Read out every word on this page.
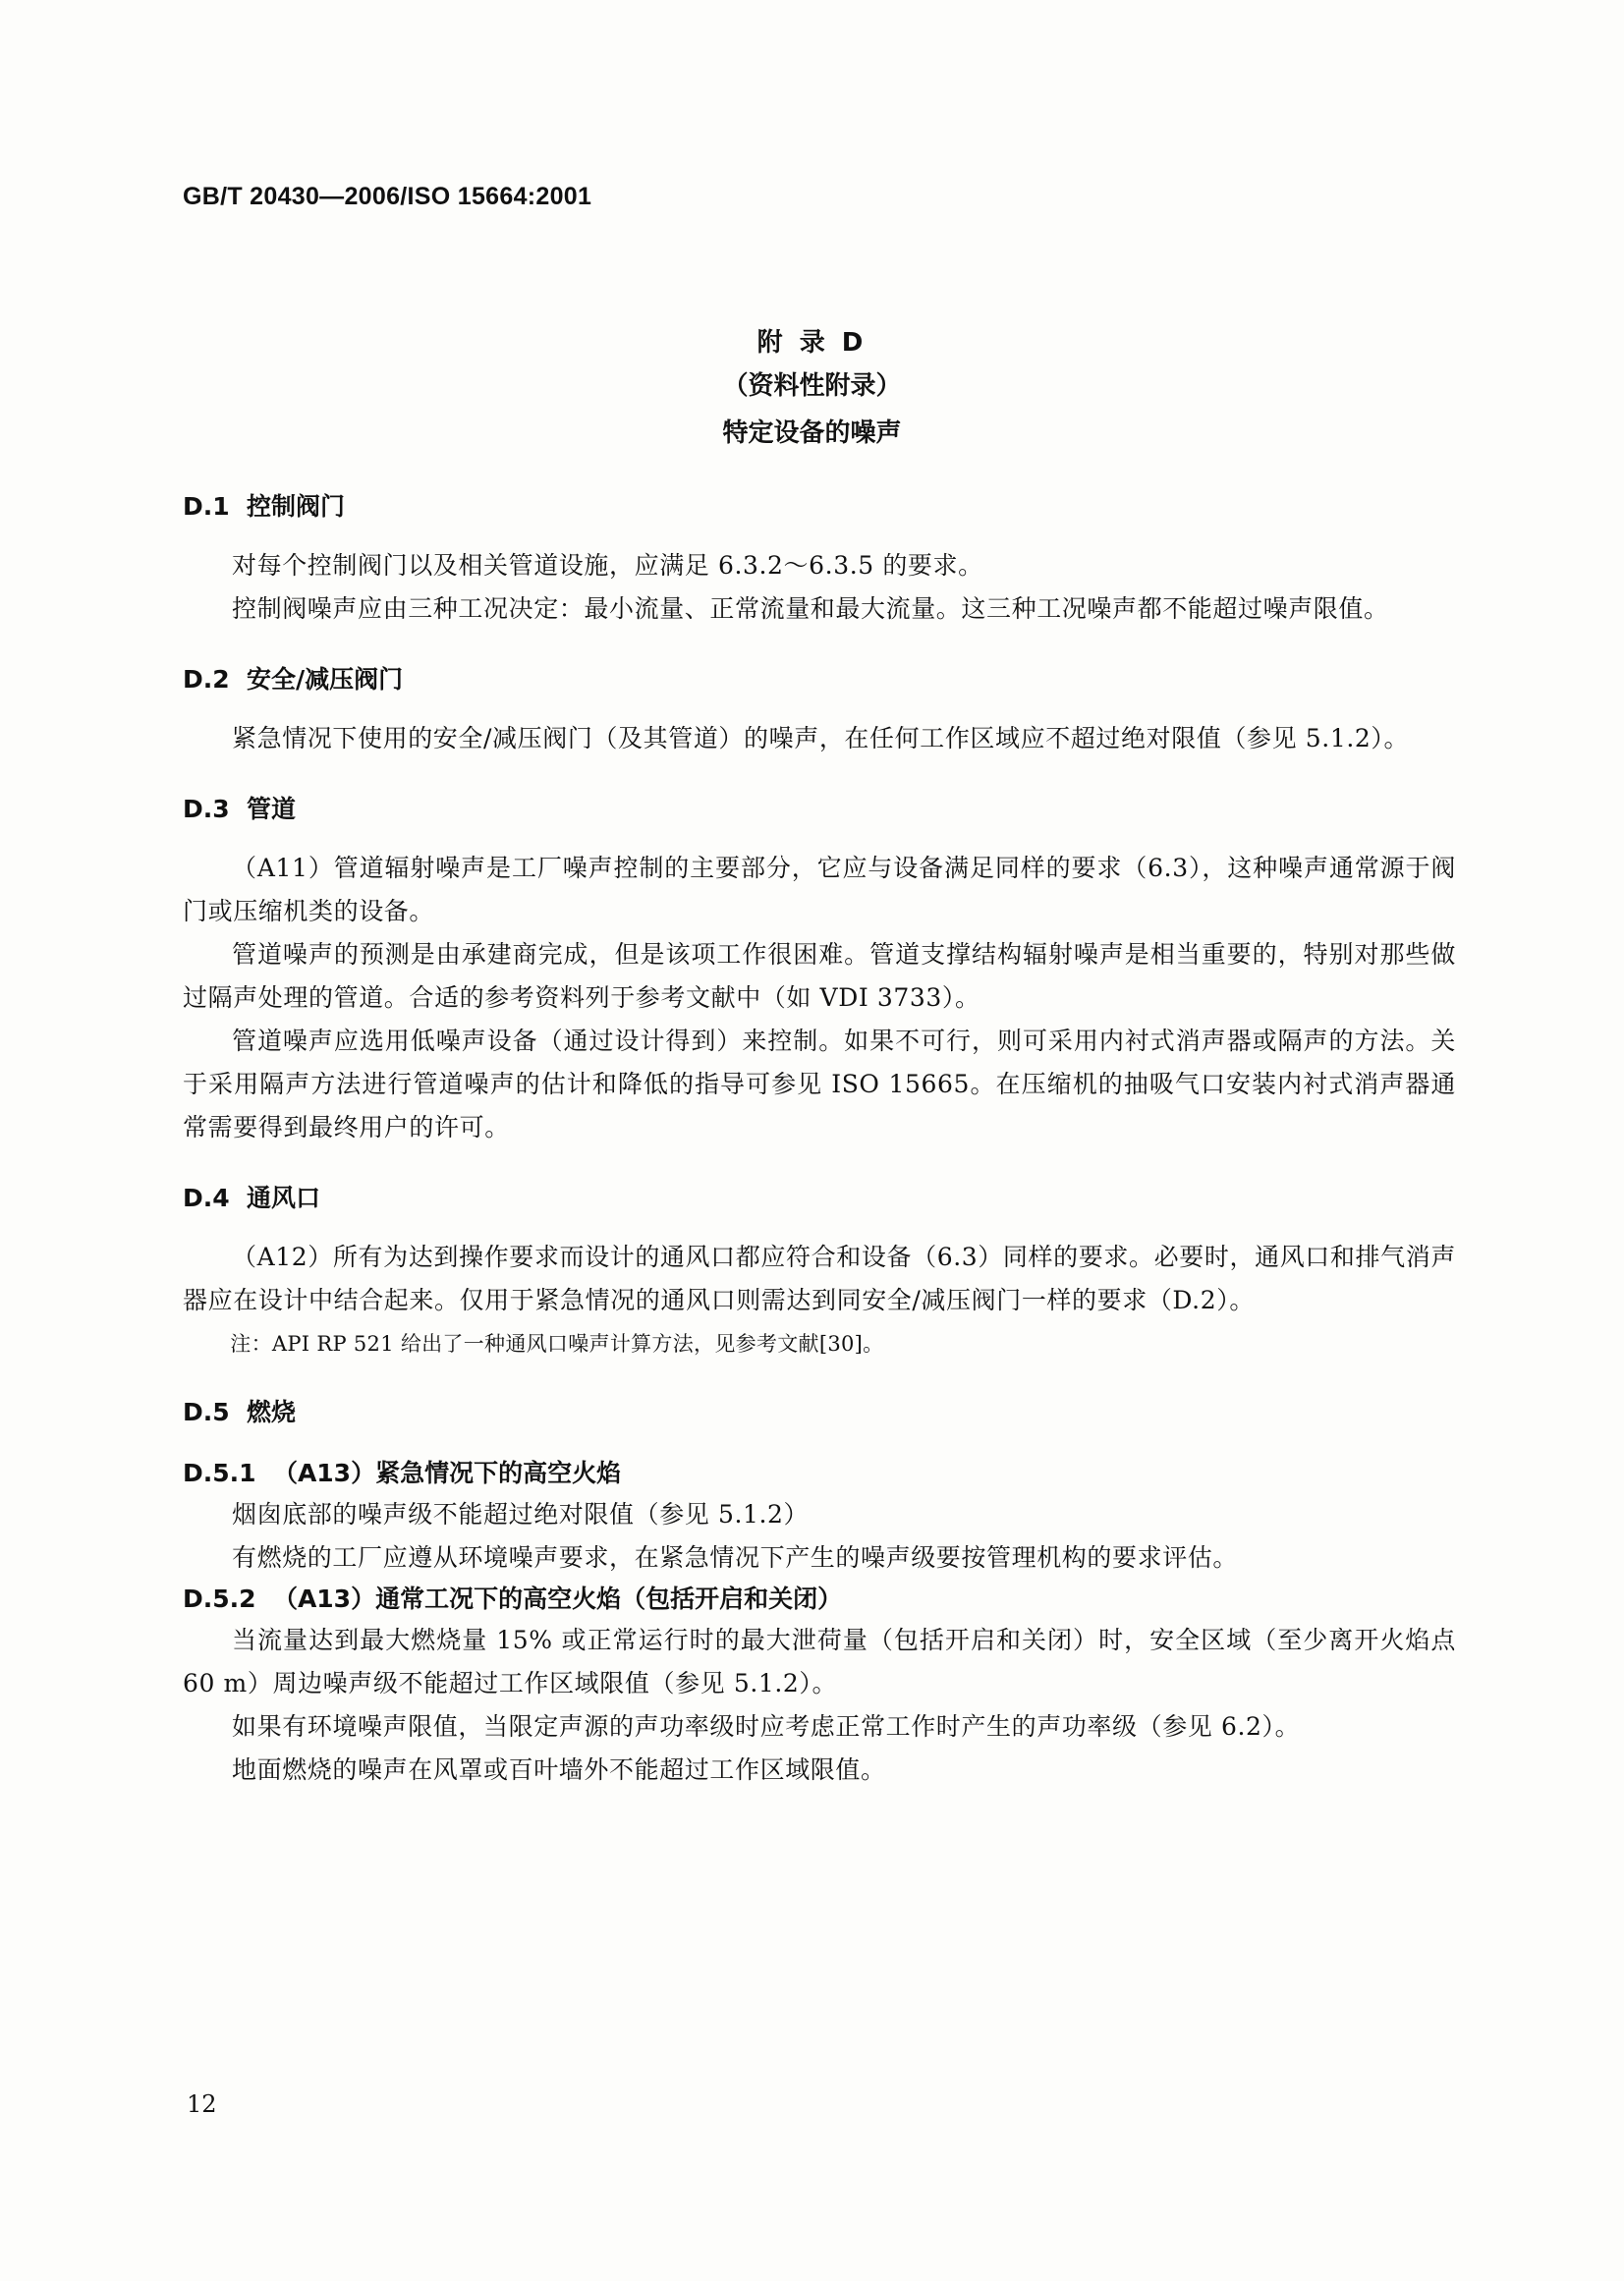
GB/T 20430—2006/ISO 15664:2001
附 录 D
（资料性附录）
特定设备的噪声
D.1  控制阀门

对每个控制阀门以及相关管道设施，应满足 6.3.2～6.3.5 的要求。

控制阀噪声应由三种工况决定：最小流量、正常流量和最大流量。这三种工况噪声都不能超过噪声限值。

D.2  安全/减压阀门

紧急情况下使用的安全/减压阀门（及其管道）的噪声，在任何工作区域应不超过绝对限值（参见 5.1.2）。

D.3  管道

（A11）管道辐射噪声是工厂噪声控制的主要部分，它应与设备满足同样的要求（6.3），这种噪声通常源于阀门或压缩机类的设备。

管道噪声的预测是由承建商完成，但是该项工作很困难。管道支撑结构辐射噪声是相当重要的，特别对那些做过隔声处理的管道。合适的参考资料列于参考文献中（如 VDI 3733）。

管道噪声应选用低噪声设备（通过设计得到）来控制。如果不可行，则可采用内衬式消声器或隔声的方法。关于采用隔声方法进行管道噪声的估计和降低的指导可参见 ISO 15665。在压缩机的抽吸气口安装内衬式消声器通常需要得到最终用户的许可。

D.4  通风口

（A12）所有为达到操作要求而设计的通风口都应符合和设备（6.3）同样的要求。必要时，通风口和排气消声器应在设计中结合起来。仅用于紧急情况的通风口则需达到同安全/减压阀门一样的要求（D.2）。

注：API RP 521 给出了一种通风口噪声计算方法，见参考文献[30]。

D.5  燃烧
D.5.1  （A13）紧急情况下的高空火焰

烟囱底部的噪声级不能超过绝对限值（参见 5.1.2）

有燃烧的工厂应遵从环境噪声要求，在紧急情况下产生的噪声级要按管理机构的要求评估。

D.5.2  （A13）通常工况下的高空火焰（包括开启和关闭）

当流量达到最大燃烧量 15% 或正常运行时的最大泄荷量（包括开启和关闭）时，安全区域（至少离开火焰点 60 m）周边噪声级不能超过工作区域限值（参见 5.1.2）。

如果有环境噪声限值，当限定声源的声功率级时应考虑正常工作时产生的声功率级（参见 6.2）。

地面燃烧的噪声在风罩或百叶墙外不能超过工作区域限值。

12
